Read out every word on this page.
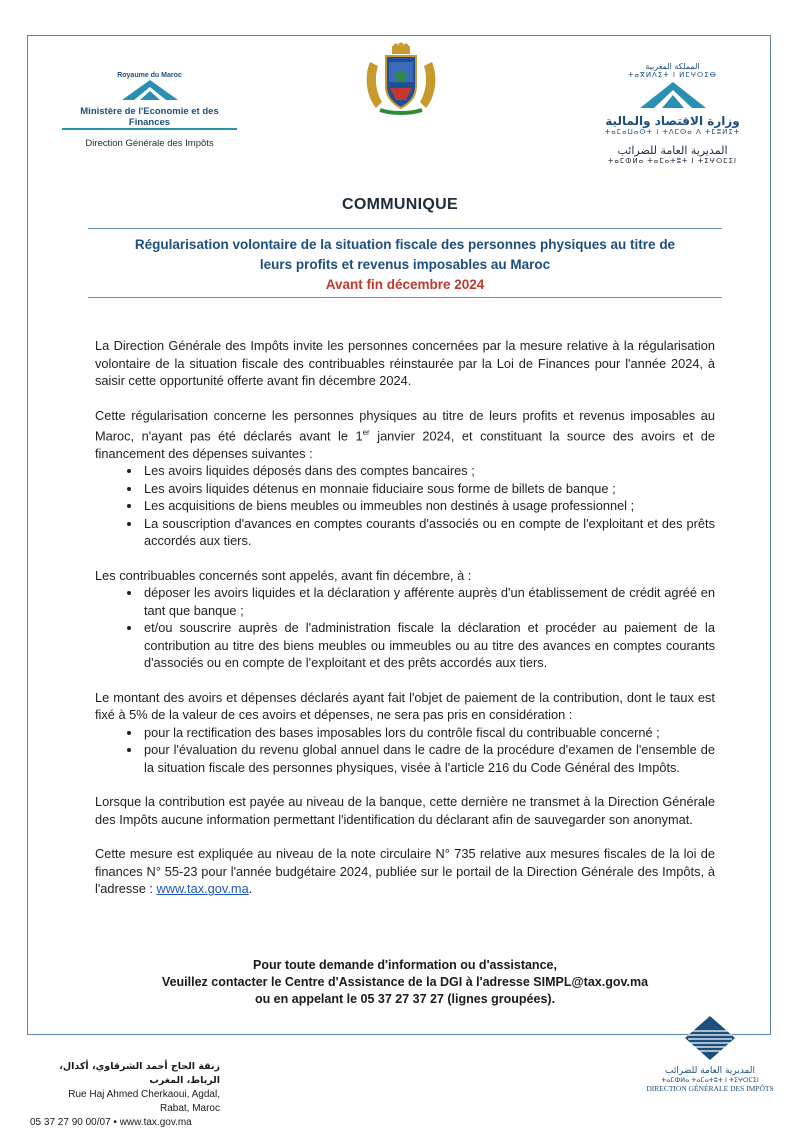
Royaume du Maroc
Ministère de l'Economie et des Finances
Direction Générale des Impôts
المملكة المغربية
ⵜⴰⴳⵍⴷⵉⵜ ⵏ ⵍⵎⵖⵔⵉⴱ
وزارة الاقتصاد والمالية
ⵜⴰⵎⴰⵡⴰⵙⵜ ⵏ ⵜⴷⵎⵙⴰ ⴷ ⵜⵎⵓⵍⵉⵜ
المديرية العامة للضرائب
ⵜⴰⵎⵀⵍⴰ ⵜⴰⵎⴰⵜⵓⵜ ⵏ ⵜⵉⵖⵔⵎⵉⵏ
COMMUNIQUE
Régularisation volontaire de la situation fiscale des personnes physiques au titre de
leurs profits et revenus imposables au Maroc
Avant fin décembre 2024

La Direction Générale des Impôts invite les personnes concernées par la mesure relative à la régularisation volontaire de la situation fiscale des contribuables réinstaurée par la Loi de Finances pour l'année 2024, à saisir cette opportunité offerte avant fin décembre 2024.

Cette régularisation concerne les personnes physiques au titre de leurs profits et revenus imposables au Maroc, n'ayant pas été déclarés avant le 1er janvier 2024, et constituant la source des avoirs et de financement des dépenses suivantes :

• Les avoirs liquides déposés dans des comptes bancaires ;
• Les avoirs liquides détenus en monnaie fiduciaire sous forme de billets de banque ;
• Les acquisitions de biens meubles ou immeubles non destinés à usage professionnel ;
• La souscription d'avances en comptes courants d'associés ou en compte de l'exploitant et des prêts accordés aux tiers.

Les contribuables concernés sont appelés, avant fin décembre, à :

• déposer les avoirs liquides et la déclaration y afférente auprès d'un établissement de crédit agréé en tant que banque ;
• et/ou souscrire auprès de l'administration fiscale la déclaration et procéder au paiement de la contribution au titre des biens meubles ou immeubles ou au titre des avances en comptes courants d'associés ou en compte de l'exploitant et des prêts accordés aux tiers.

Le montant des avoirs et dépenses déclarés ayant fait l'objet de paiement de la contribution, dont le taux est fixé à 5% de la valeur de ces avoirs et dépenses, ne sera pas pris en considération :

• pour la rectification des bases imposables lors du contrôle fiscal du contribuable concerné ;
• pour l'évaluation du revenu global annuel dans le cadre de la procédure d'examen de l'ensemble de la situation fiscale des personnes physiques, visée à l'article 216 du Code Général des Impôts.

Lorsque la contribution est payée au niveau de la banque, cette dernière ne transmet à la Direction Générale des Impôts aucune information permettant l'identification du déclarant afin de sauvegarder son anonymat.

Cette mesure est expliquée au niveau de la note circulaire N° 735 relative aux mesures fiscales de la loi de finances N° 55-23 pour l'année budgétaire 2024, publiée sur le portail de la Direction Générale des Impôts, à l'adresse : www.tax.gov.ma.

Pour toute demande d'information ou d'assistance,
Veuillez contacter le Centre d'Assistance de la DGI à l'adresse SIMPL@tax.gov.ma
ou en appelant le 05 37 27 37 27 (lignes groupées).
زنقة الحاج أحمد الشرقاوي، أكدال، الرباط، المغرب
Rue Haj Ahmed Cherkaoui, Agdal,
Rabat, Maroc
05 37 27 90 00/07 • www.tax.gov.ma
المديرية العامة للضرائب
ⵜⴰⵎⵀⵍⴰ ⵜⴰⵎⴰⵜⵓⵜ ⵏ ⵜⵉⵖⵔⵎⵉⵏ
DIRECTION GÉNÉRALE DES IMPÔTS
